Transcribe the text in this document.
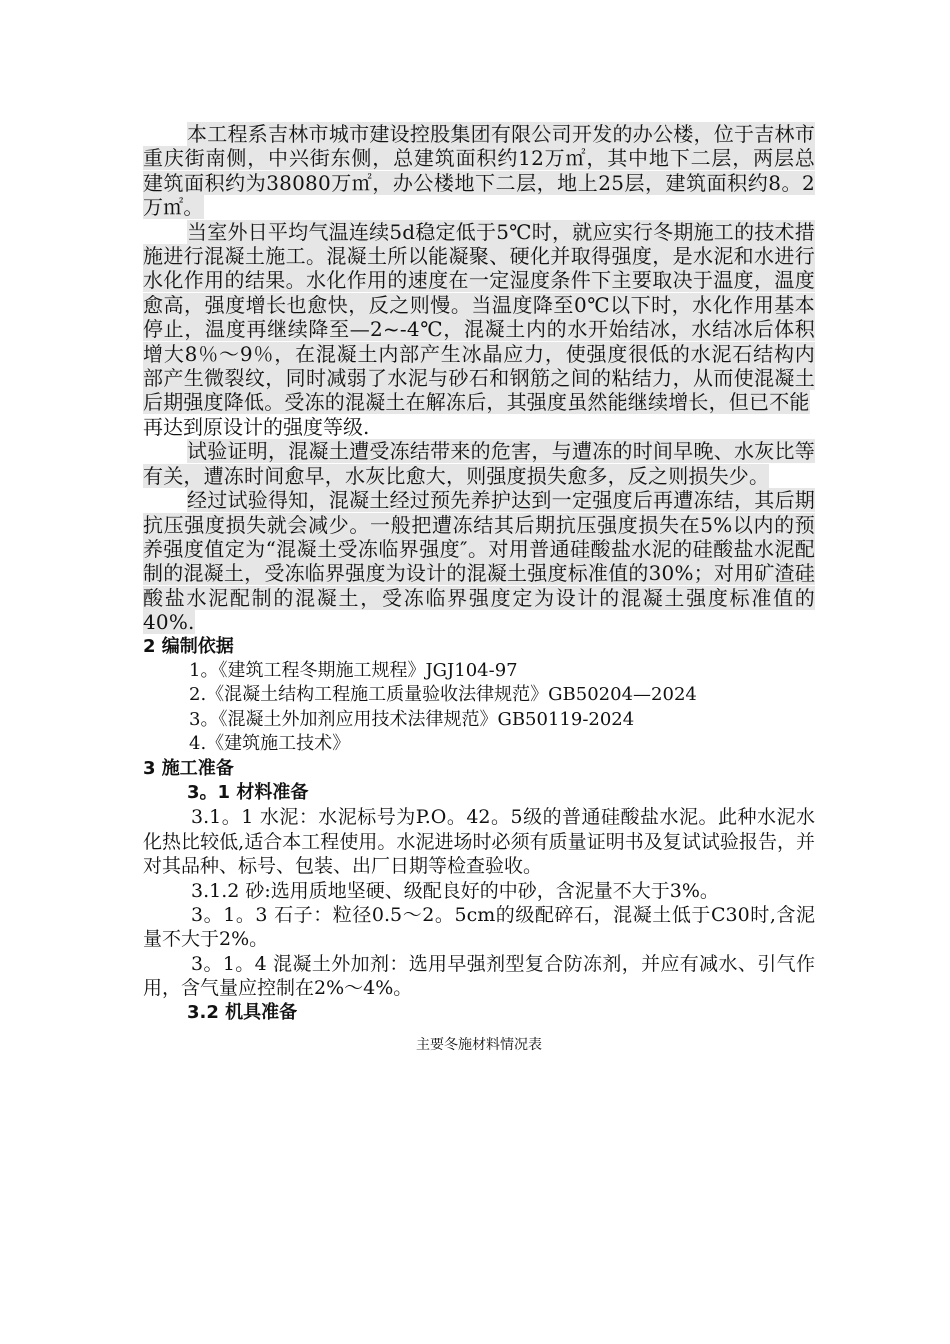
本工程系吉林市城市建设控股集团有限公司开发的办公楼，位于吉林市重庆街南侧，中兴街东侧，总建筑面积约12万㎡，其中地下二层，两层总建筑面积约为38080万㎡，办公楼地下二层，地上25层，建筑面积约8。2万㎡。

当室外日平均气温连续5d稳定低于5℃时，就应实行冬期施工的技术措施进行混凝土施工。混凝土所以能凝聚、硬化并取得强度，是水泥和水进行水化作用的结果。水化作用的速度在一定湿度条件下主要取决于温度，温度愈高，强度增长也愈快，反之则慢。当温度降至0℃以下时，水化作用基本停止，温度再继续降至—2~-4℃，混凝土内的水开始结冰，水结冰后体积增大8％～9％，在混凝土内部产生冰晶应力，使强度很低的水泥石结构内部产生微裂纹，同时减弱了水泥与砂石和钢筋之间的粘结力，从而使混凝土后期强度降低。受冻的混凝土在解冻后，其强度虽然能继续增长，但已不能

再达到原设计的强度等级.

试验证明，混凝土遭受冻结带来的危害，与遭冻的时间早晚、水灰比等有关，遭冻时间愈早，水灰比愈大，则强度损失愈多，反之则损失少。

经过试验得知，混凝土经过预先养护达到一定强度后再遭冻结，其后期抗压强度损失就会减少。一般把遭冻结其后期抗压强度损失在5%以内的预养强度值定为“混凝土受冻临界强度″。对用普通硅酸盐水泥的硅酸盐水泥配制的混凝土，受冻临界强度为设计的混凝土强度标准值的30%；对用矿渣硅酸盐水泥配制的混凝土，受冻临界强度定为设计的混凝土强度标准值的40%.

2 编制依据

1。《建筑工程冬期施工规程》JGJ104-97

2.《混凝土结构工程施工质量验收法律规范》GB50204—2024

3。《混凝土外加剂应用技术法律规范》GB50119-2024

4.《建筑施工技术》

3 施工准备

3。1 材料准备

3.1。1 水泥：水泥标号为P.O。42。5级的普通硅酸盐水泥。此种水泥水化热比较低,适合本工程使用。水泥进场时必须有质量证明书及复试试验报告，并对其品种、标号、包装、出厂日期等检查验收。

3.1.2 砂:选用质地坚硬、级配良好的中砂，含泥量不大于3%。

3。1。3 石子：粒径0.5～2。5cm的级配碎石，混凝土低于C30时,含泥量不大于2%。

3。1。4 混凝土外加剂：选用早强剂型复合防冻剂，并应有减水、引气作用，含气量应控制在2%～4%。

3.2 机具准备

主要冬施材料情况表
